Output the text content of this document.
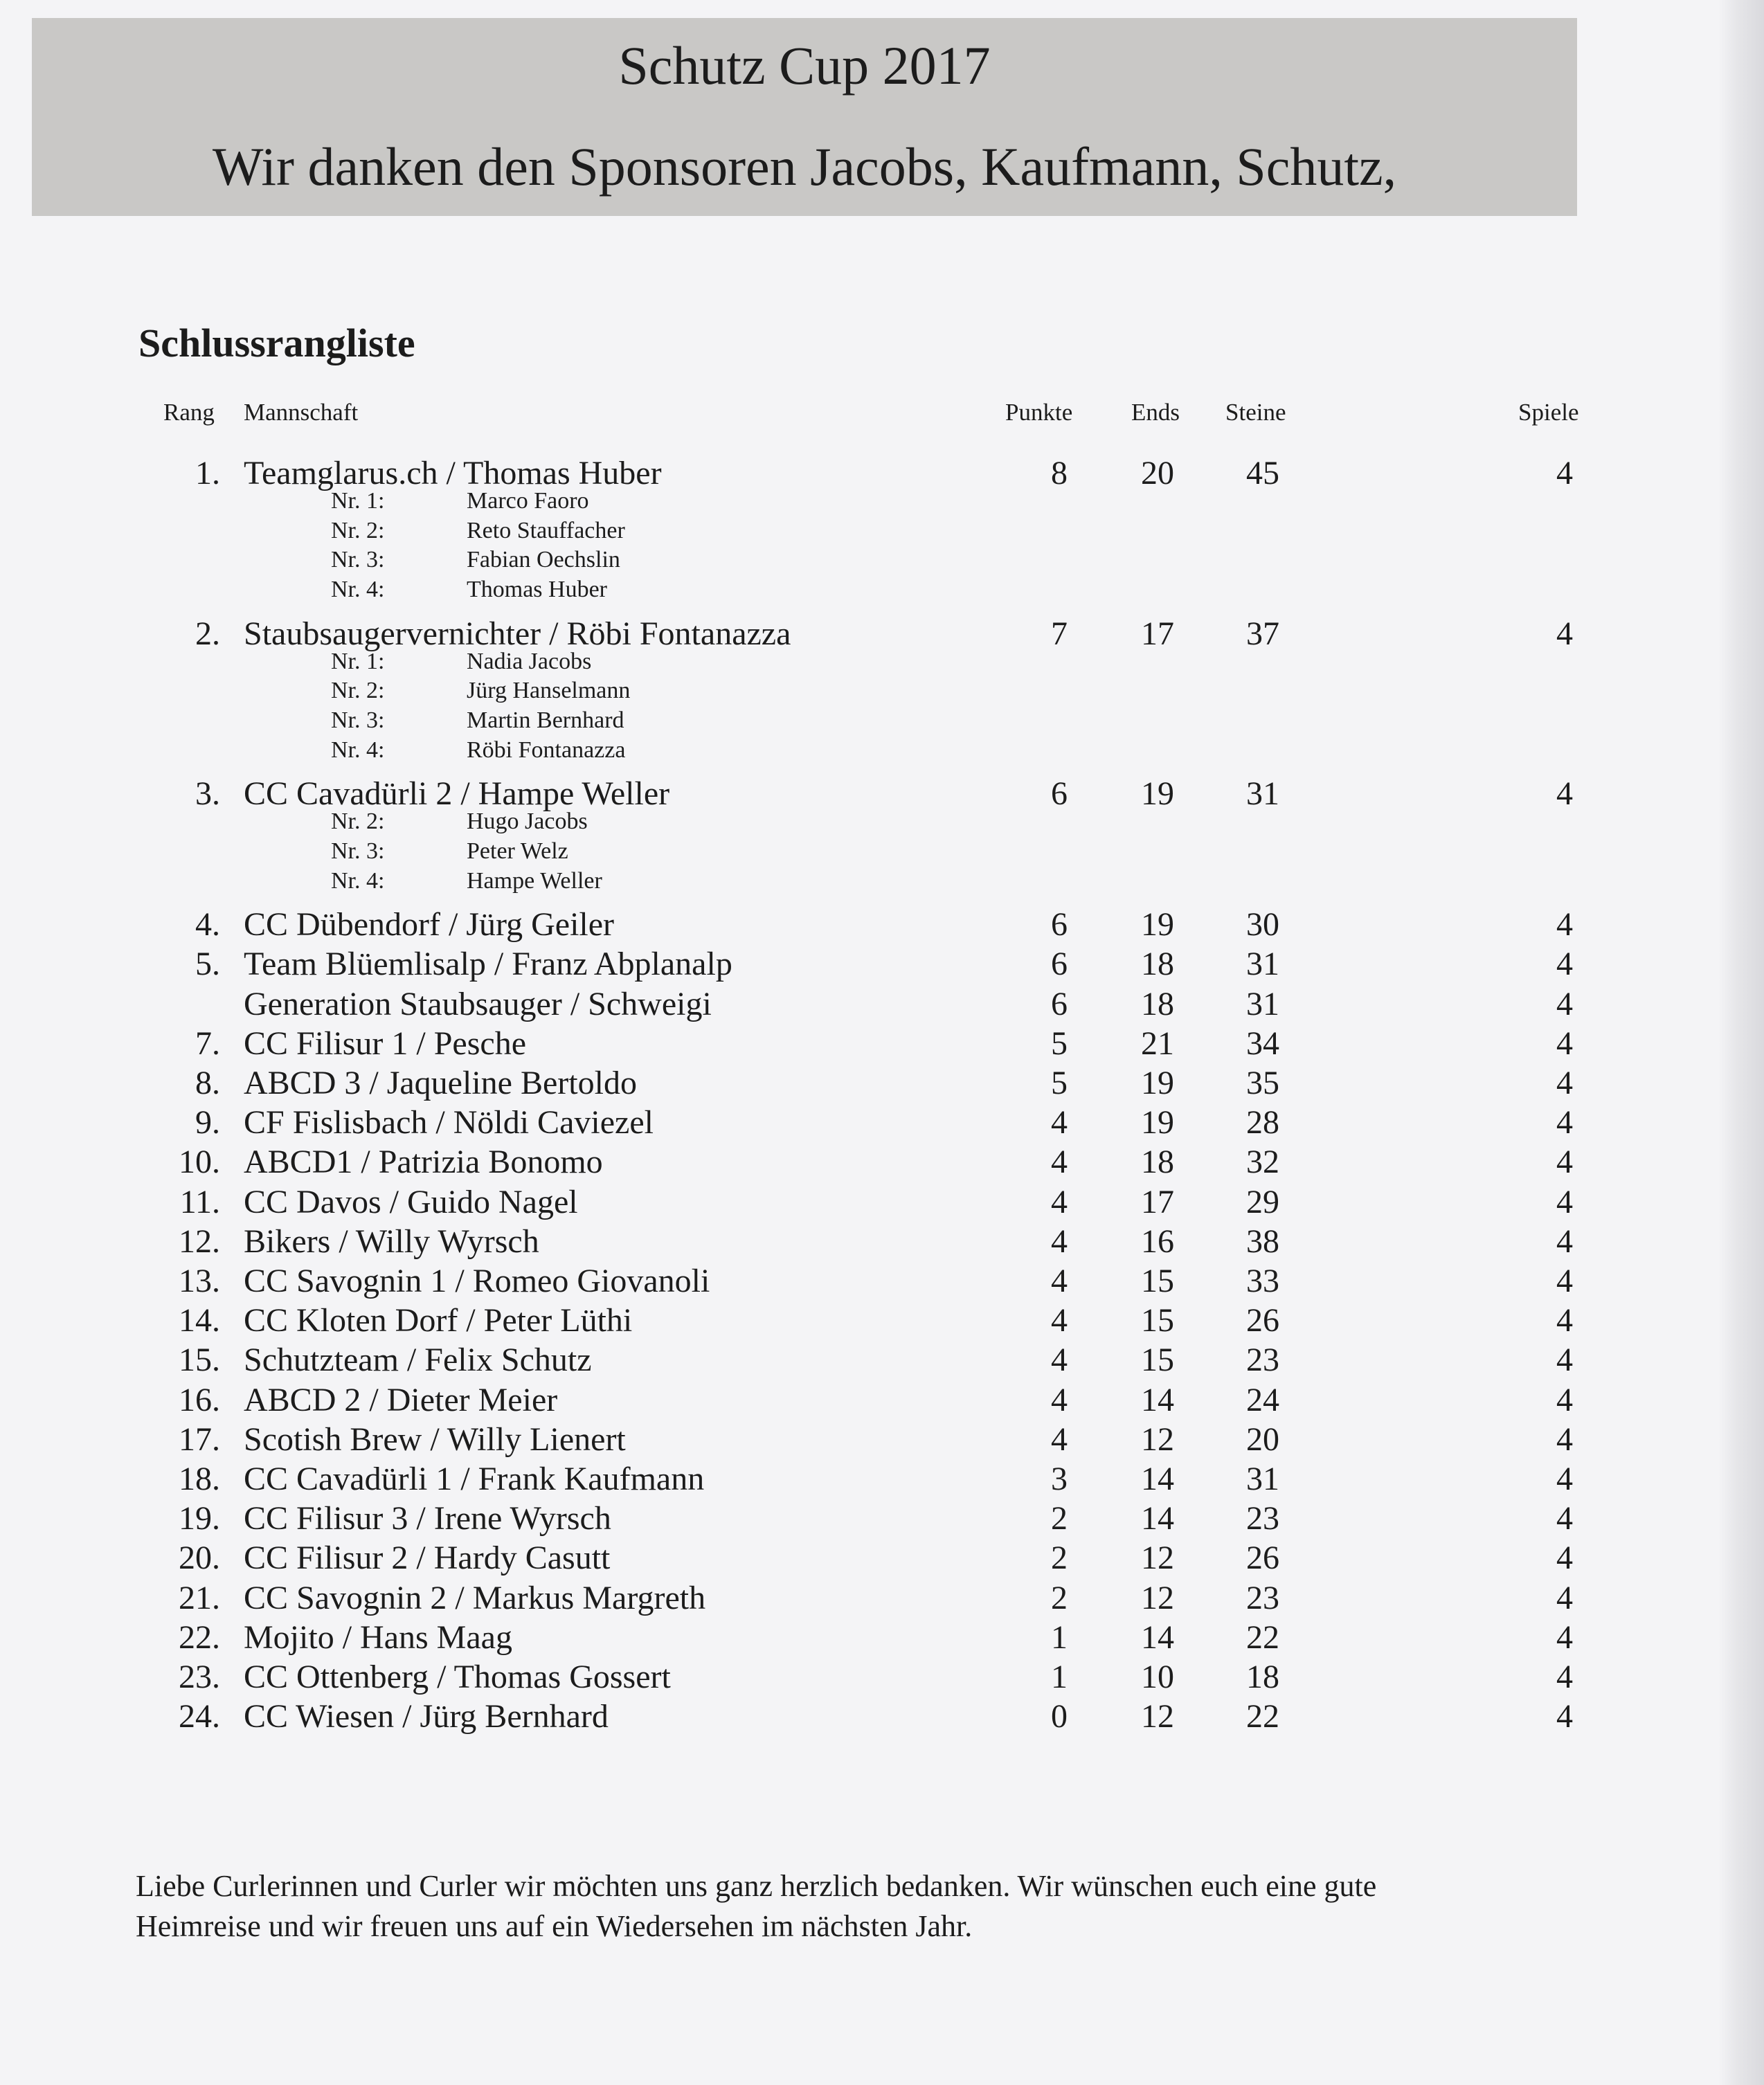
Schutz Cup 2017
Wir danken den Sponsoren Jacobs, Kaufmann, Schutz,
Schlussrangliste
Rang Mannschaft	Punkte Ends Steine	Spiele
1. Teamglarus.ch / Thomas Huber	8	20	45	4
Nr. 1:	Marco Faoro
Nr. 2:	Reto Stauffacher
Nr. 3:	Fabian Oechslin
Nr. 4:	Thomas Huber
2. Staubsaugervernichter / Röbi Fontanazza	7	17	37	4
Nr. 1:	Nadia Jacobs
Nr. 2:	Jürg Hanselmann
Nr. 3:	Martin Bernhard
Nr. 4:	Röbi Fontanazza
3. CC Cavadürli 2 / Hampe Weller	6	19	31	4
Nr. 2:	Hugo Jacobs
Nr. 3:	Peter Welz
Nr. 4:	Hampe Weller
4. CC Dübendorf / Jürg Geiler	6	19	30	4
5. Team Blüemlisalp / Franz Abplanalp	6	18	31	4
Generation Staubsauger / Schweigi	6	18	31	4
7. CC Filisur 1 / Pesche	5	21	34	4
8. ABCD 3 / Jaqueline Bertoldo	5	19	35	4
9. CF Fislisbach / Nöldi Caviezel	4	19	28	4
10. ABCD1 / Patrizia Bonomo	4	18	32	4
11. CC Davos / Guido Nagel	4	17	29	4
12. Bikers / Willy Wyrsch	4	16	38	4
13. CC Savognin 1 / Romeo Giovanoli	4	15	33	4
14. CC Kloten Dorf / Peter Lüthi	4	15	26	4
15. Schutzteam / Felix Schutz	4	15	23	4
16. ABCD 2 / Dieter Meier	4	14	24	4
17. Scotish Brew / Willy Lienert	4	12	20	4
18. CC Cavadürli 1 / Frank Kaufmann	3	14	31	4
19. CC Filisur 3 / Irene Wyrsch	2	14	23	4
20. CC Filisur 2 / Hardy Casutt	2	12	26	4
21. CC Savognin 2 / Markus Margreth	2	12	23	4
22. Mojito / Hans Maag	1	14	22	4
23. CC Ottenberg / Thomas Gossert	1	10	18	4
24. CC Wiesen / Jürg Bernhard	0	12	22	4
Liebe Curlerinnen und Curler wir möchten uns ganz herzlich bedanken. Wir wünschen euch eine gute
Heimreise und wir freuen uns auf ein Wiedersehen im nächsten Jahr.
